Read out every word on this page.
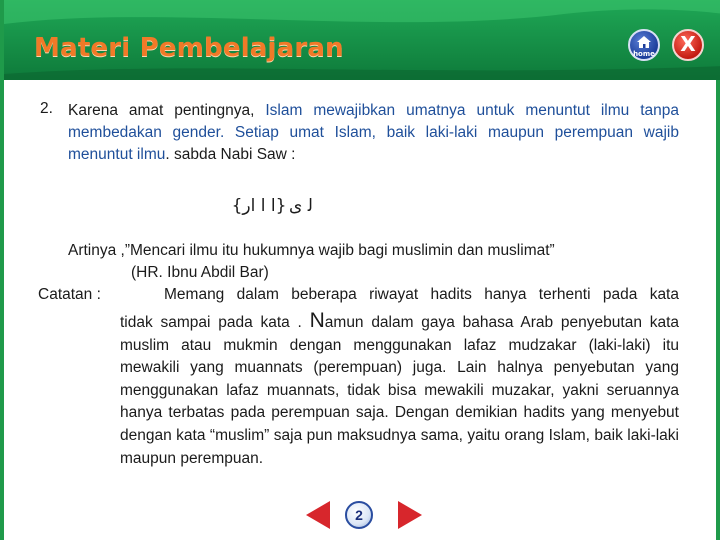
Materi Pembelajaran	home	X
2. Karena amat pentingnya, Islam mewajibkan umatnya untuk menuntut ilmu tanpa membedakan gender. Setiap umat Islam, baik laki-laki maupun perempuan wajib menuntut ilmu. sabda Nabi Saw :
{ا ا ار} ﻟ ﻯ
Artinya ,”Mencari ilmu itu hukumnya wajib bagi muslimin dan muslimat”
(HR. Ibnu Abdil Bar)
Catatan :	Memang dalam beberapa riwayat hadits hanya terhenti pada kata
tidak sampai pada kata . Namun dalam gaya bahasa Arab penyebutan kata muslim atau mukmin dengan menggunakan lafaz mudzakar (laki-laki) itu mewakili yang muannats (perempuan) juga. Lain halnya penyebutan yang menggunakan lafaz muannats, tidak bisa mewakili muzakar, yakni seruannya hanya terbatas pada perempuan saja. Dengan demikian hadits yang menyebut dengan kata “muslim” saja pun maksudnya sama, yaitu orang Islam, baik laki-laki maupun perempuan.
2
